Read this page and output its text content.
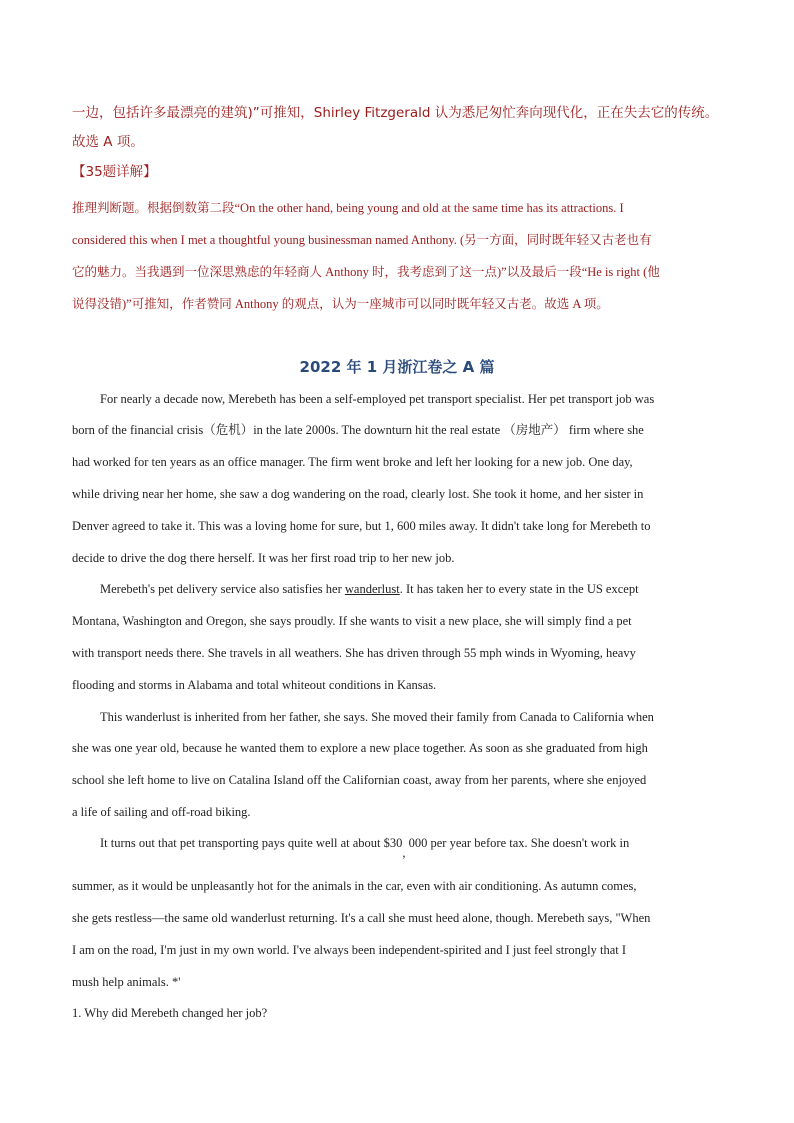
一边，包括许多最漂亮的建筑)”可推知，Shirley Fitzgerald 认为悉尼匆忙奔向现代化，正在失去它的传统。
故选 A 项。
【35题详解】
推理判断题。根据倒数第二段“On the other hand, being young and old at the same time has its attractions. I
considered this when I met a thoughtful young businessman named Anthony. (另一方面，同时既年轻又古老也有
它的魅力。当我遇到一位深思熟虑的年轻商人 Anthony 时，我考虑到了这一点)”以及最后一段“He is right (他
说得没错)”可推知，作者赞同 Anthony 的观点，认为一座城市可以同时既年轻又古老。故选 A 项。
2022 年 1 月浙江卷之 A 篇
For nearly a decade now, Merebeth has been a self-employed pet transport specialist. Her pet transport job was
born of the financial crisis（危机）in the late 2000s. The downturn hit the real estate （房地产） firm where she
had worked for ten years as an office manager. The firm went broke and left her looking for a new job. One day,
while driving near her home, she saw a dog wandering on the road, clearly lost. She took it home, and her sister in
Denver agreed to take it. This was a loving home for sure, but 1, 600 miles away. It didn't take long for Merebeth to
decide to drive the dog there herself. It was her first road trip to her new job.
Merebeth's pet delivery service also satisfies her wanderlust. It has taken her to every state in the US except
Montana, Washington and Oregon, she says proudly. If she wants to visit a new place, she will simply find a pet
with transport needs there. She travels in all weathers. She has driven through 55 mph winds in Wyoming, heavy
flooding and storms in Alabama and total whiteout conditions in Kansas.
This wanderlust is inherited from her father, she says. She moved their family from Canada to California when
she was one year old, because he wanted them to explore a new place together. As soon as she graduated from high
school she left home to live on Catalina Island off the Californian coast, away from her parents, where she enjoyed
a life of sailing and off-road biking.
It turns out that pet transporting pays quite well at about $30, 000 per year before tax. She doesn't work in
summer, as it would be unpleasantly hot for the animals in the car, even with air conditioning. As autumn comes,
she gets restless—the same old wanderlust returning. It's a call she must heed alone, though. Merebeth says, "When
I am on the road, I'm just in my own world. I've always been independent-spirited and I just feel strongly that I
mush help animals. *'
1. Why did Merebeth changed her job?
